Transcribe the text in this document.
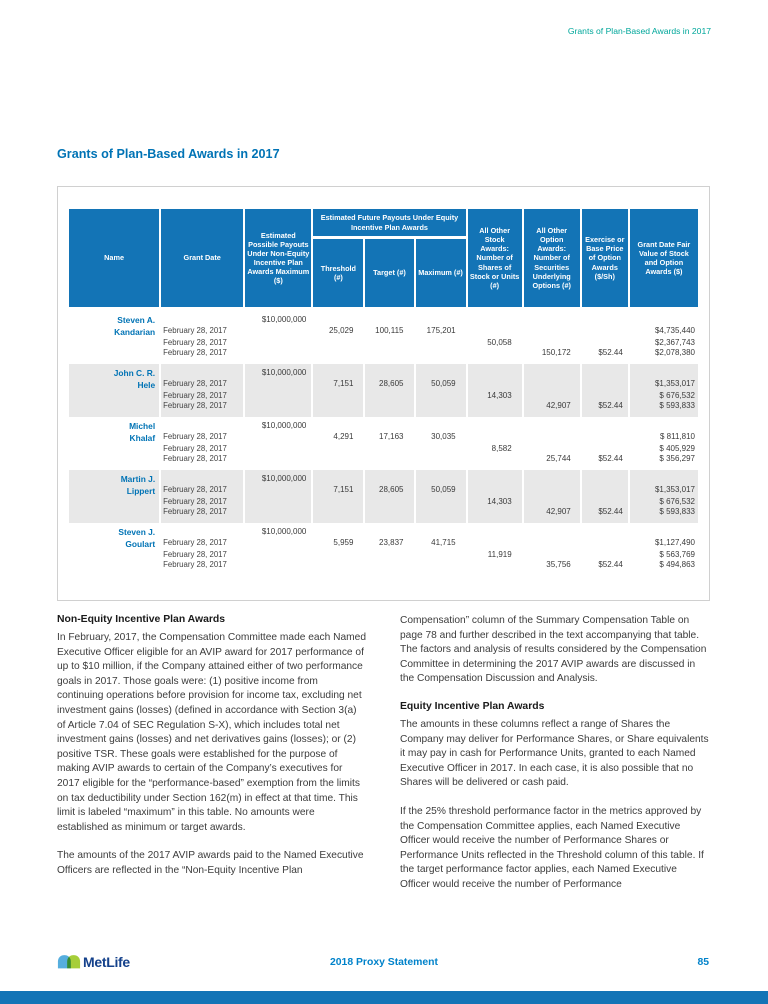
Grants of Plan-Based Awards in 2017
Grants of Plan-Based Awards in 2017
Name	Grant Date	Estimated Possible Payouts Under Non-Equity Incentive Plan Awards Maximum ($)	Estimated Future Payouts Under Equity Incentive Plan Awards			All Other Stock Awards: Number of Shares of Stock or Units (#)	All Other Option Awards: Number of Securities Underlying Options (#)	Exercise or Base Price of Option Awards ($/Sh)	Grant Date Fair Value of Stock and Option Awards ($)
			Threshold (#)	Target (#)	Maximum (#)				

Steven A.
Kandarian		$10,000,000							
	February 28, 2017		25,029	100,115	175,201				$4,735,440
	February 28, 2017					50,058			$2,367,743
	February 28, 2017						150,172	$52.44	$2,078,380

John C. R.
Hele		$10,000,000							
	February 28, 2017		7,151	28,605	50,059				$1,353,017
	February 28, 2017					14,303			$ 676,532
	February 28, 2017						42,907	$52.44	$ 593,833

Michel
Khalaf		$10,000,000							
	February 28, 2017		4,291	17,163	30,035				$ 811,810
	February 28, 2017					8,582			$ 405,929
	February 28, 2017						25,744	$52.44	$ 356,297

Martin J.
Lippert		$10,000,000							
	February 28, 2017		7,151	28,605	50,059				$1,353,017
	February 28, 2017					14,303			$ 676,532
	February 28, 2017						42,907	$52.44	$ 593,833

Steven J.
Goulart		$10,000,000							
	February 28, 2017		5,959	23,837	41,715				$1,127,490
	February 28, 2017					11,919			$ 563,769
	February 28, 2017						35,756	$52.44	$ 494,863
Non-Equity Incentive Plan Awards

In February, 2017, the Compensation Committee made each Named Executive Officer eligible for an AVIP award for 2017 performance of up to $10 million, if the Company attained either of two performance goals in 2017. Those goals were: (1) positive income from continuing operations before provision for income tax, excluding net investment gains (losses) (defined in accordance with Section 3(a) of Article 7.04 of SEC Regulation S-X), which includes total net investment gains (losses) and net derivatives gains (losses); or (2) positive TSR. These goals were established for the purpose of making AVIP awards to certain of the Company’s executives for 2017 eligible for the “performance-based” exemption from the limits on tax deductibility under Section 162(m) in effect at that time. This limit is labeled “maximum” in this table. No amounts were established as minimum or target awards.

The amounts of the 2017 AVIP awards paid to the Named Executive Officers are reflected in the “Non-Equity Incentive Plan

Compensation” column of the Summary Compensation Table on page 78 and further described in the text accompanying that table. The factors and analysis of results considered by the Compensation Committee in determining the 2017 AVIP awards are discussed in the Compensation Discussion and Analysis.

Equity Incentive Plan Awards

The amounts in these columns reflect a range of Shares the Company may deliver for Performance Shares, or Share equivalents it may pay in cash for Performance Units, granted to each Named Executive Officer in 2017. In each case, it is also possible that no Shares will be delivered or cash paid.

If the 25% threshold performance factor in the metrics approved by the Compensation Committee applies, each Named Executive Officer would receive the number of Performance Shares or Performance Units reflected in the Threshold column of this table. If the target performance factor applies, each Named Executive Officer would receive the number of Performance

MetLife	2018 Proxy Statement	85
